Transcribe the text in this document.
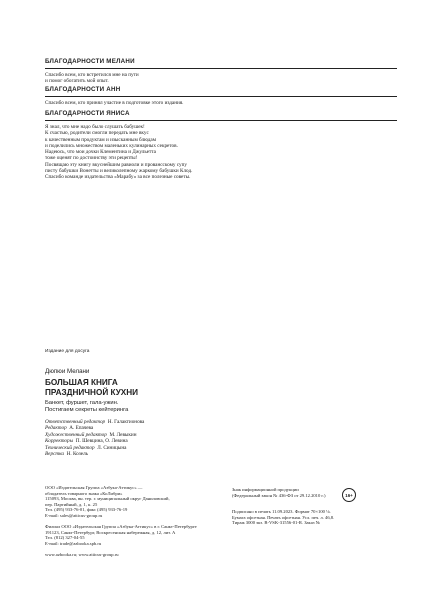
БЛАГОДАРНОСТИ МЕЛАНИ
Спасибо всем, кто встретился мне на пути
и помог обогатить мой опыт.
БЛАГОДАРНОСТИ АНН
Спасибо всем, кто принял участие в подготовке этого издания.
БЛАГОДАРНОСТИ ЯНИСА
Я знал, что мне надо было слушать бабушек!
К счастью, родители смогли передать мне вкус
к качественным продуктам и изысканным блюдам
и поделились множеством маленьких кулинарных секретов.
Надеюсь, что мои дочки Клементина и Джульетта
тоже оценят по достоинству эти рецепты!
Посвящаю эту книгу вкуснейшим равиоли и провансскому супу
писту бабушки Вонетты и великолепному жаркому бабушки Клод.
Спасибо команде издательства «Марабу» за все полезные советы.
Издание для досуга
Дюпюи Мелани
БОЛЬШАЯ КНИГА
ПРАЗДНИЧНОЙ КУХНИ
Банкет, фуршет, гала-ужин.
Постигаем секреты кейтеринга
Ответственный редактор Н. Галактионова
Редактор А. Епачева
Художественный редактор М. Левыкин
Корректоры П. Шевцина, О. Левина
Технический редактор Л. Синицына
Верстка Н. Козель
ООО «Издательская Группа «Азбука-Аттикус» —
обладатель товарного знака «КоЛибри»
115093, Москва, вн. тер. г. муниципальный округ Даниловский,
пер. Партийный, д. 1, к. 25
Тел. (495) 933-76-01, факс (495) 933-76-19
E-mail: sales@atticus-group.ru
Филиал ООО «Издательская Группа «Азбука-Аттикус» в г. Санкт-Петербурге
191123, Санкт-Петербург, Воскресенская набережная, д. 12, лит. А
Тел. (812) 327-04-55
E-mail: trade@azbooka.spb.ru
www.azbooka.ru; www.atticus-group.ru
Знак информационной продукции
(Федеральный закон № 436-ФЗ от 29.12.2010 г.)
Подписано в печать 11.09.2023. Формат 70×100 ⅛.
Бумага офсетная. Печать офсетная. Усл. печ. л. 46,8.
Тираж 3000 экз. В-VSK-31556-01-R. Заказ №
16+
